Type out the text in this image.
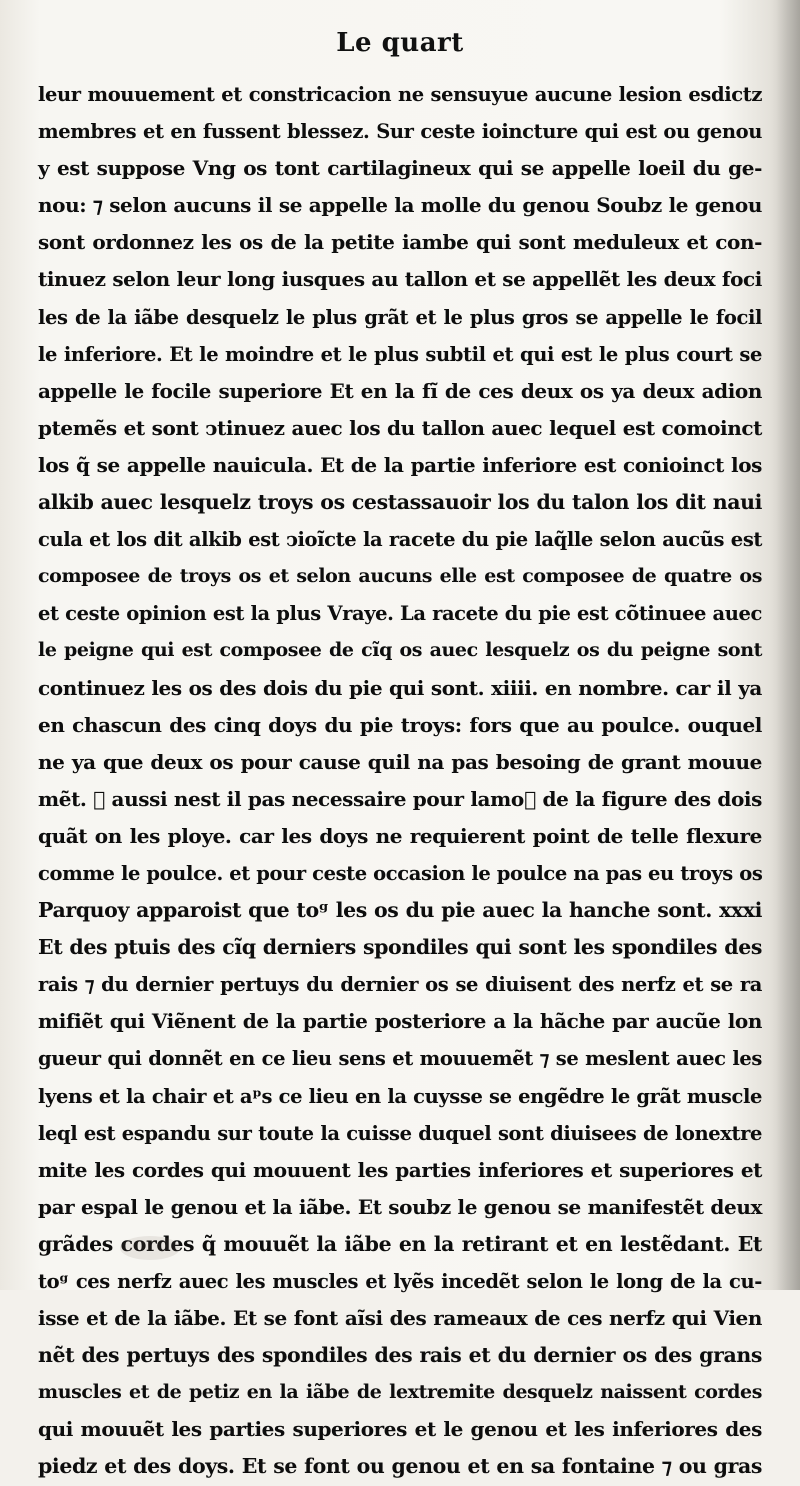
Le quart
leur mouuement et constricacion ne sensuyue aucune lesion esdictz
membres et en fussent blessez. Sur ceste ioincture qui est ou genou
y est suppose Vng os tont cartilagineux qui se appelle loeil du ge-
nou: ⁊ selon aucuns il se appelle la molle du genou Soubz le genou
sont ordonnez les os de la petite iambe qui sont meduleux et con-
tinuez selon leur long iusques au tallon et se appellẽt les deux foci
les de la iãbe desquelz le plus grãt et le plus gros se appelle le focil
le inferiore. Et le moindre et le plus subtil et qui est le plus court se
appelle le focile superiore Et en la fĩ de ces deux os ya deux adion
ptemẽs et sont ↄtinuez auec los du tallon auec lequel est comoinct
los q̃ se appelle nauicula. Et de la partie inferiore est conioinct los
alkib auec lesquelz troys os cestassauoir los du talon los dit naui
cula et los dit alkib est ↄioĩcte la racete du pie laq̃lle selon aucũs est
composee de troys os et selon aucuns elle est composee de quatre os
et ceste opinion est la plus Vraye. La racete du pie est cõtinuee auec
le peigne qui est composee de cĩq os auec lesquelz os du peigne sont
continuez les os des dois du pie qui sont. xiiii. en nombre. car il ya
en chascun des cinq doys du pie troys: fors que au poulce. ouquel
ne ya que deux os pour cause quil na pas besoing de grant mouue
mẽt. ⁊ aussi nest il pas necessaire pour lamoᷣ de la figure des dois
quãt on les ploye. car les doys ne requierent point de telle flexure
comme le poulce. et pour ceste occasion le poulce na pas eu troys os
Parquoy apparoist que toᵍ les os du pie auec la hanche sont. xxxi
Et des ptuis des cĩq derniers spondiles qui sont les spondiles des
rais ⁊ du dernier pertuys du dernier os se diuisent des nerfz et se ra
mifiẽt qui Viẽnent de la partie posteriore a la hãche par aucũe lon
gueur qui donnẽt en ce lieu sens et mouuemẽt ⁊ se meslent auec les
lyens et la chair et aᵖs ce lieu en la cuysse se engẽdre le grãt muscle
leql est espandu sur toute la cuisse duquel sont diuisees de lonextre
mite les cordes qui mouuent les parties inferiores et superiores et
par espal le genou et la iãbe. Et soubz le genou se manifestẽt deux
grãdes cordes q̃ mouuẽt la iãbe en la retirant et en lestẽdant. Et
toᵍ ces nerfz auec les muscles et lyẽs incedẽt selon le long de la cu-
isse et de la iãbe. Et se font aĩsi des rameaux de ces nerfz qui Vien
nẽt des pertuys des spondiles des rais et du dernier os des grans
muscles et de petiz en la iãbe de lextremite desquelz naissent cordes
qui mouuẽt les parties superiores et le genou et les inferiores des
piedz et des doys. Et se font ou genou et en sa fontaine ⁊ ou gras
